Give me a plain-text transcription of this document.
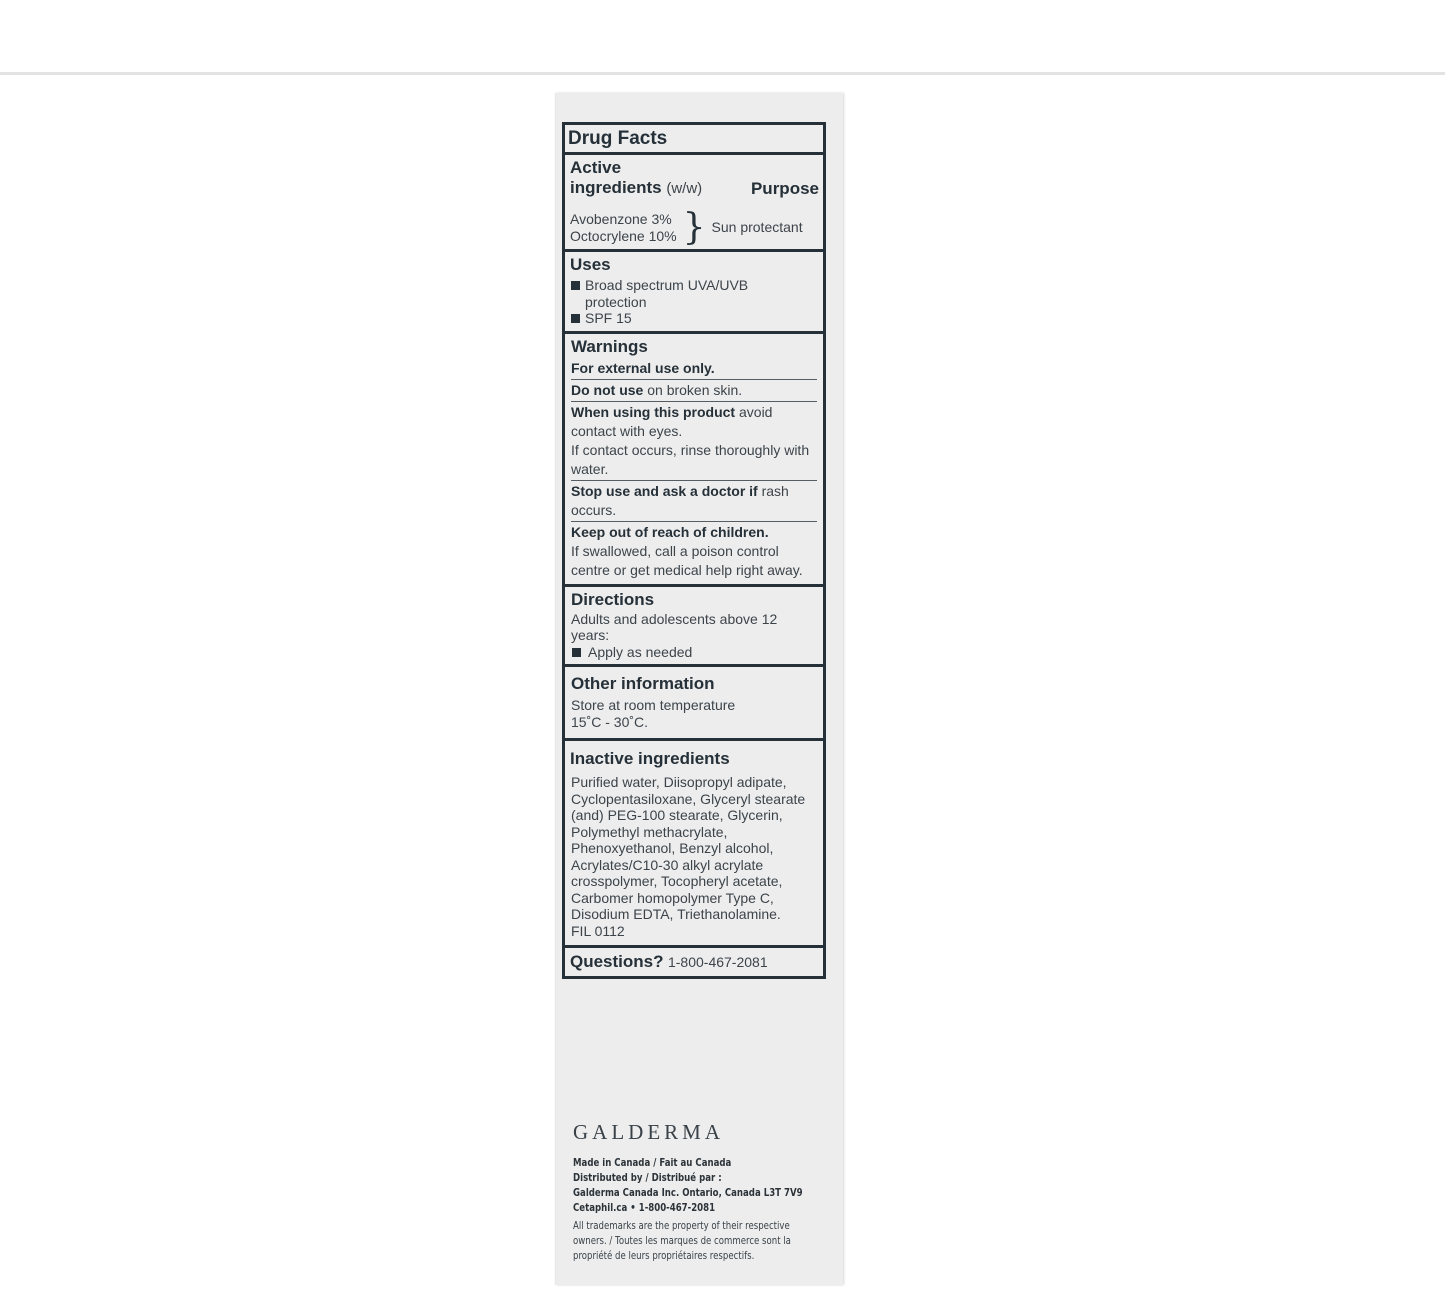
Drug Facts
Active
ingredients (w/w)	Purpose
Avobenzone 3%
Octocrylene 10% } Sun protectant
Uses
Broad spectrum UVA/UVB protection
SPF 15
Warnings
For external use only.
Do not use on broken skin.
When using this product avoid contact with eyes.
If contact occurs, rinse thoroughly with water.
Stop use and ask a doctor if rash occurs.
Keep out of reach of children.
If swallowed, call a poison control centre or get medical help right away.
Directions
Adults and adolescents above 12 years:
Apply as needed
Other information
Store at room temperature
15˚C - 30˚C.
Inactive ingredients
Purified water, Diisopropyl adipate, Cyclopentasiloxane, Glyceryl stearate (and) PEG-100 stearate, Glycerin, Polymethyl methacrylate, Phenoxyethanol, Benzyl alcohol, Acrylates/C10-30 alkyl acrylate crosspolymer, Tocopheryl acetate, Carbomer homopolymer Type C, Disodium EDTA, Triethanolamine.
FIL 0112
Questions? 1-800-467-2081
GALDERMA
Made in Canada / Fait au Canada
Distributed by / Distribué par :
Galderma Canada Inc. Ontario, Canada L3T 7V9
Cetaphil.ca • 1-800-467-2081
All trademarks are the property of their respective
owners. / Toutes les marques de commerce sont la
propriété de leurs propriétaires respectifs.
